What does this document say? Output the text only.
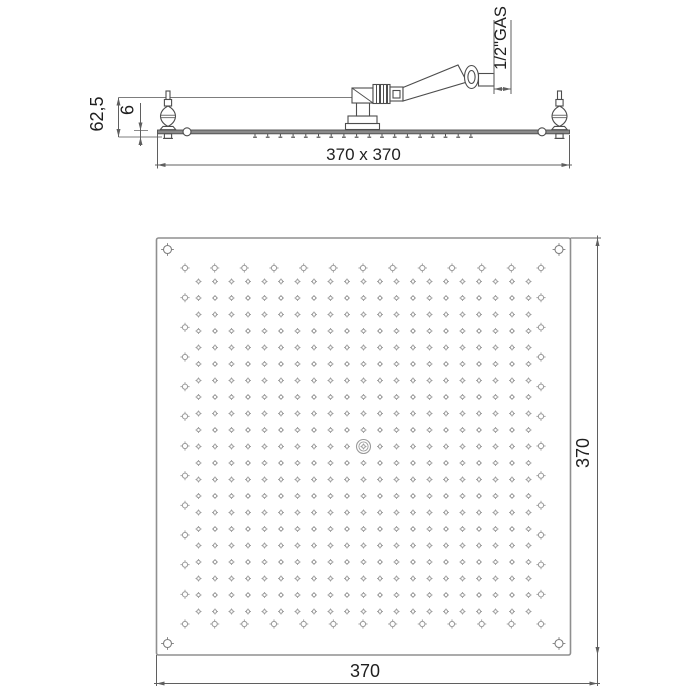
62,5 6
1/2"GAS
370 x 370
370
370
